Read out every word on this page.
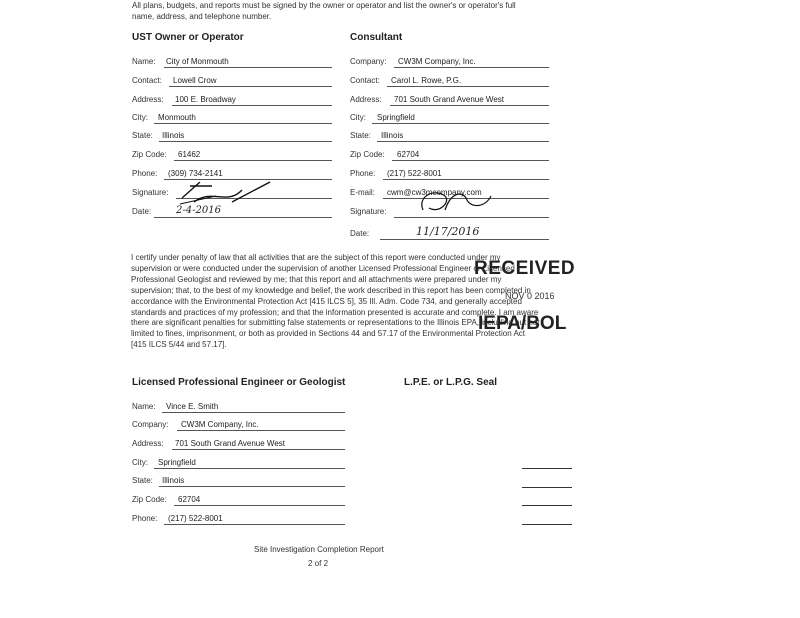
All plans, budgets, and reports must be signed by the owner or operator and list the owner's or operator's full name, address, and telephone number.
UST Owner or Operator
Name: City of Monmouth
Contact: Lowell Crow
Address: 100 E. Broadway
City: Monmouth
State: Illinois
Zip Code: 61462
Phone: (309) 734-2141
Signature:
Date: 2-4-2016
Consultant
Company: CW3M Company, Inc.
Contact: Carol L. Rowe, P.G.
Address: 701 South Grand Avenue West
City: Springfield
State: Illinois
Zip Code: 62704
Phone: (217) 522-8001
E-mail: cwm@cw3mcompany.com
Signature:
Date:	11/17/2016
I certify under penalty of law that all activities that are the subject of this report were conducted under my supervision or were conducted under the supervision of another Licensed Professional Engineer or Licensed Professional Geologist and reviewed by me; that this report and all attachments were prepared under my supervision; that, to the best of my knowledge and belief, the work described in this report has been completed in accordance with the Environmental Protection Act [415 ILCS 5], 35 Ill. Adm. Code 734, and generally accepted standards and practices of my profession; and that the information presented is accurate and complete. I am aware there are significant penalties for submitting false statements or representations to the Illinois EPA, including but not limited to fines, imprisonment, or both as provided in Sections 44 and 57.17 of the Environmental Protection Act [415 ILCS 5/44 and 57.17].
RECEIVED
NOV 0 2016
IEPA/BOL
Licensed Professional Engineer or Geologist
Name: Vince E. Smith
Company: CW3M Company, Inc.
Address: 701 South Grand Avenue West
City: Springfield
State: Illinois
Zip Code: 62704
Phone: (217) 522-8001
L.P.E. or L.P.G. Seal
Site Investigation Completion Report
2 of 2
